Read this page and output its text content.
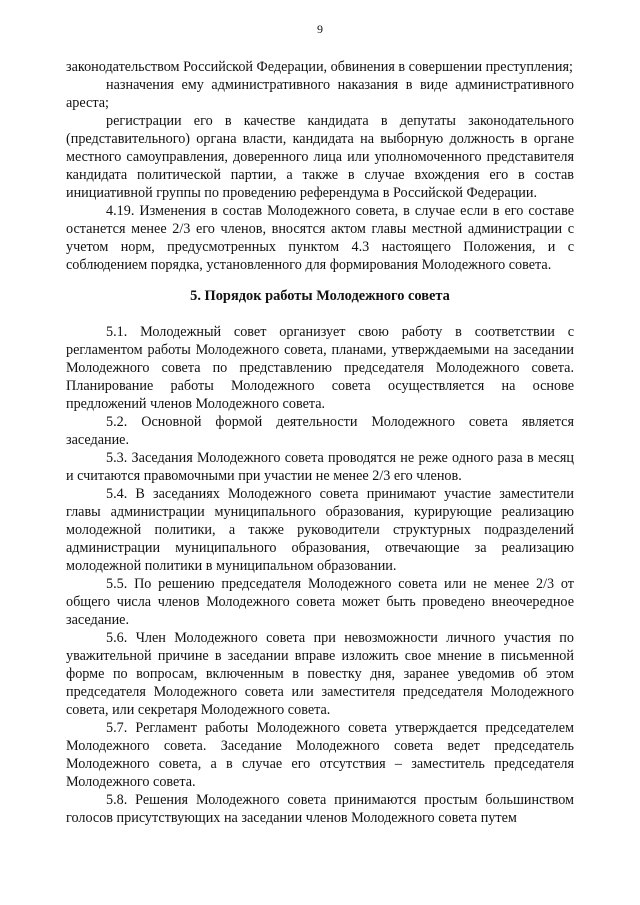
9

законодательством Российской Федерации, обвинения в совершении преступления;

назначения ему административного наказания в виде административного ареста;

регистрации его в качестве кандидата в депутаты законодательного (представительного) органа власти, кандидата на выборную должность в органе местного самоуправления, доверенного лица или уполномоченного представителя кандидата политической партии, а также в случае вхождения его в состав инициативной группы по проведению референдума в Российской Федерации.

4.19. Изменения в состав Молодежного совета, в случае если в его составе останется менее 2/3 его членов, вносятся актом главы местной администрации с учетом норм, предусмотренных пунктом 4.3 настоящего Положения, и с соблюдением порядка, установленного для формирования Молодежного совета.

5. Порядок работы Молодежного совета

5.1. Молодежный совет организует свою работу в соответствии с регламентом работы Молодежного совета, планами, утверждаемыми на заседании Молодежного совета по представлению председателя Молодежного совета. Планирование работы Молодежного совета осуществляется на основе предложений членов Молодежного совета.

5.2. Основной формой деятельности Молодежного совета является заседание.

5.3. Заседания Молодежного совета проводятся не реже одного раза в месяц и считаются правомочными при участии не менее 2/3 его членов.

5.4. В заседаниях Молодежного совета принимают участие заместители главы администрации муниципального образования, курирующие реализацию молодежной политики, а также руководители структурных подразделений администрации муниципального образования, отвечающие за реализацию молодежной политики в муниципальном образовании.

5.5. По решению председателя Молодежного совета или не менее 2/3 от общего числа членов Молодежного совета может быть проведено внеочередное заседание.

5.6. Член Молодежного совета при невозможности личного участия по уважительной причине в заседании вправе изложить свое мнение в письменной форме по вопросам, включенным в повестку дня, заранее уведомив об этом председателя Молодежного совета или заместителя председателя Молодежного совета, или секретаря Молодежного совета.

5.7. Регламент работы Молодежного совета утверждается председателем Молодежного совета. Заседание Молодежного совета ведет председатель Молодежного совета, а в случае его отсутствия – заместитель председателя Молодежного совета.

5.8. Решения Молодежного совета принимаются простым большинством голосов присутствующих на заседании членов Молодежного совета путем
